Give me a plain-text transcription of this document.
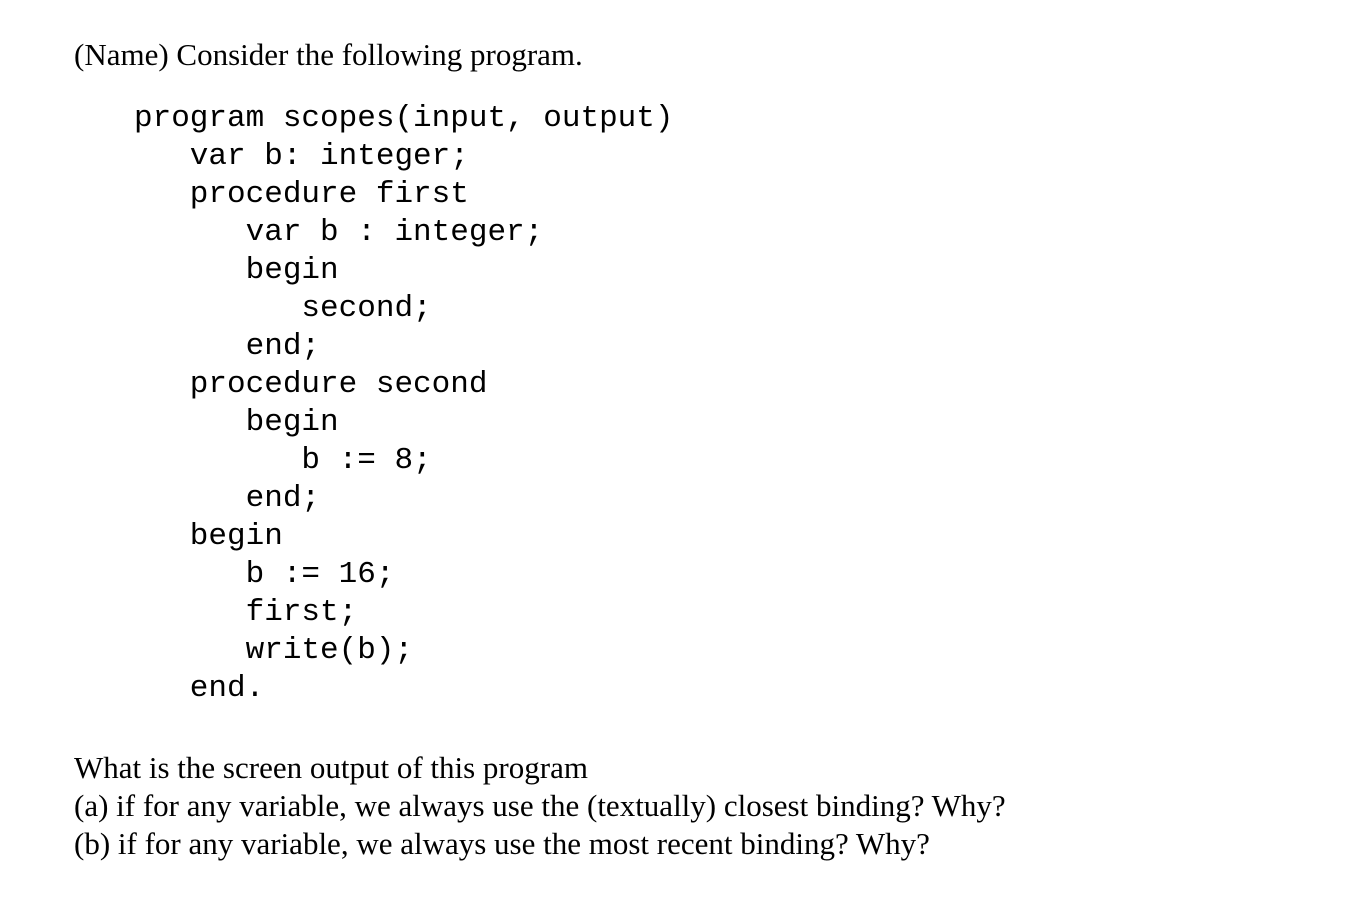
(Name) Consider the following program.

program scopes(input, output)
var b: integer;
procedure first
var b : integer;
begin
second;
end;
procedure second
begin
b := 8;
end;
begin
b := 16;
first;
write(b);
end.
What is the screen output of this program
(a) if for any variable, we always use the (textually) closest binding? Why?
(b) if for any variable, we always use the most recent binding? Why?
